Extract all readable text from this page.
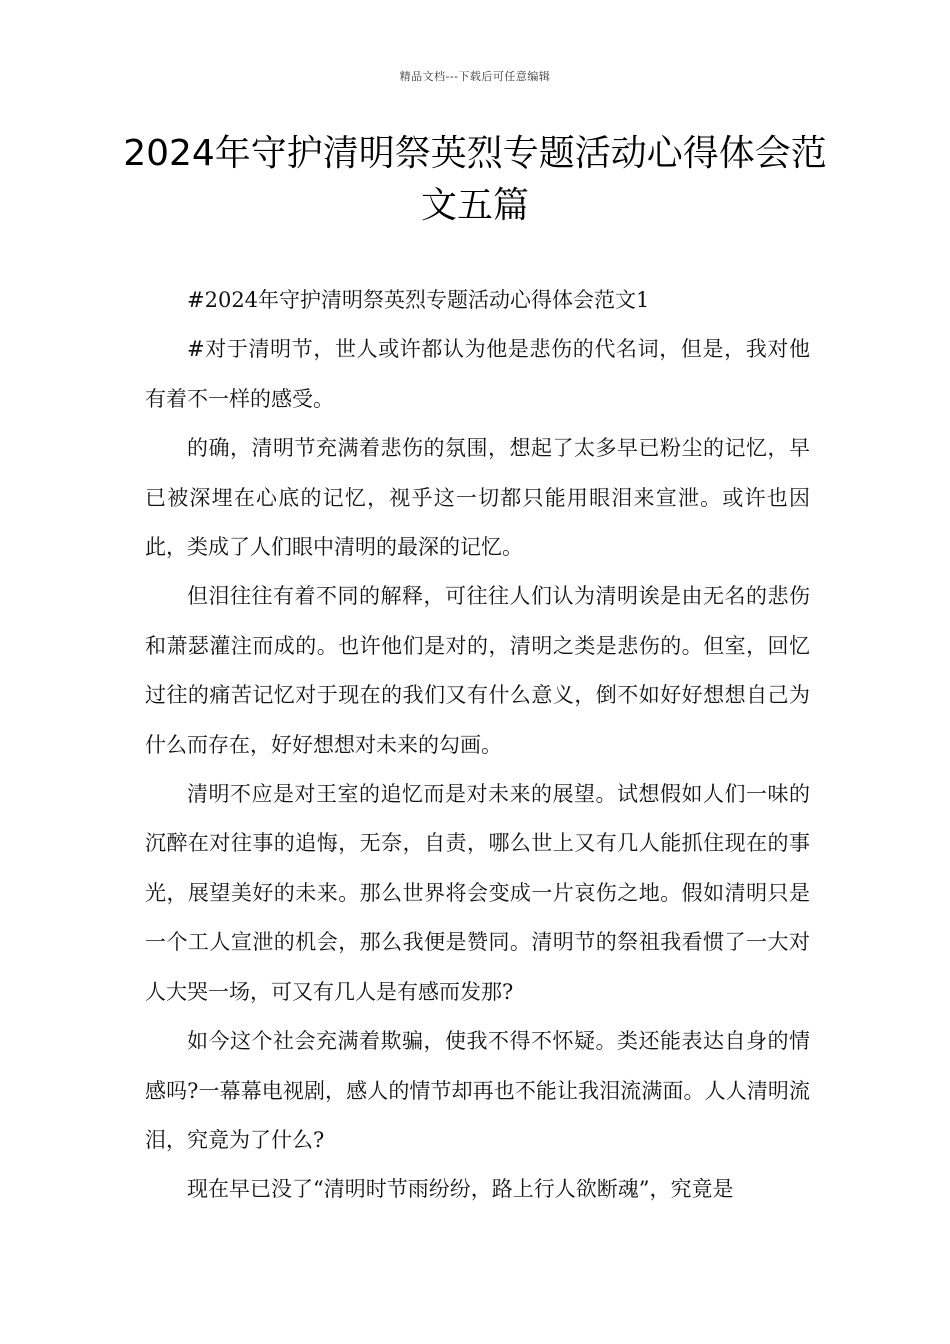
精品文档---下载后可任意编辑
2024年守护清明祭英烈专题活动心得体会范文五篇

#2024年守护清明祭英烈专题活动心得体会范文1

#对于清明节，世人或许都认为他是悲伤的代名词，但是，我对他有着不一样的感受。

的确，清明节充满着悲伤的氛围，想起了太多早已粉尘的记忆，早已被深埋在心底的记忆，视乎这一切都只能用眼泪来宣泄。或许也因此，类成了人们眼中清明的最深的记忆。

但泪往往有着不同的解释，可往往人们认为清明诶是由无名的悲伤和萧瑟灌注而成的。也许他们是对的，清明之类是悲伤的。但室，回忆过往的痛苦记忆对于现在的我们又有什么意义，倒不如好好想想自己为什么而存在，好好想想对未来的勾画。

清明不应是对王室的追忆而是对未来的展望。试想假如人们一味的沉醉在对往事的追悔，无奈，自责，哪么世上又有几人能抓住现在的事光，展望美好的未来。那么世界将会变成一片哀伤之地。假如清明只是一个工人宣泄的机会，那么我便是赞同。清明节的祭祖我看惯了一大对人大哭一场，可又有几人是有感而发那?

如今这个社会充满着欺骗，使我不得不怀疑。类还能表达自身的情感吗?一幕幕电视剧，感人的情节却再也不能让我泪流满面。人人清明流泪，究竟为了什么?

现在早已没了“清明时节雨纷纷，路上行人欲断魂”，究竟是
